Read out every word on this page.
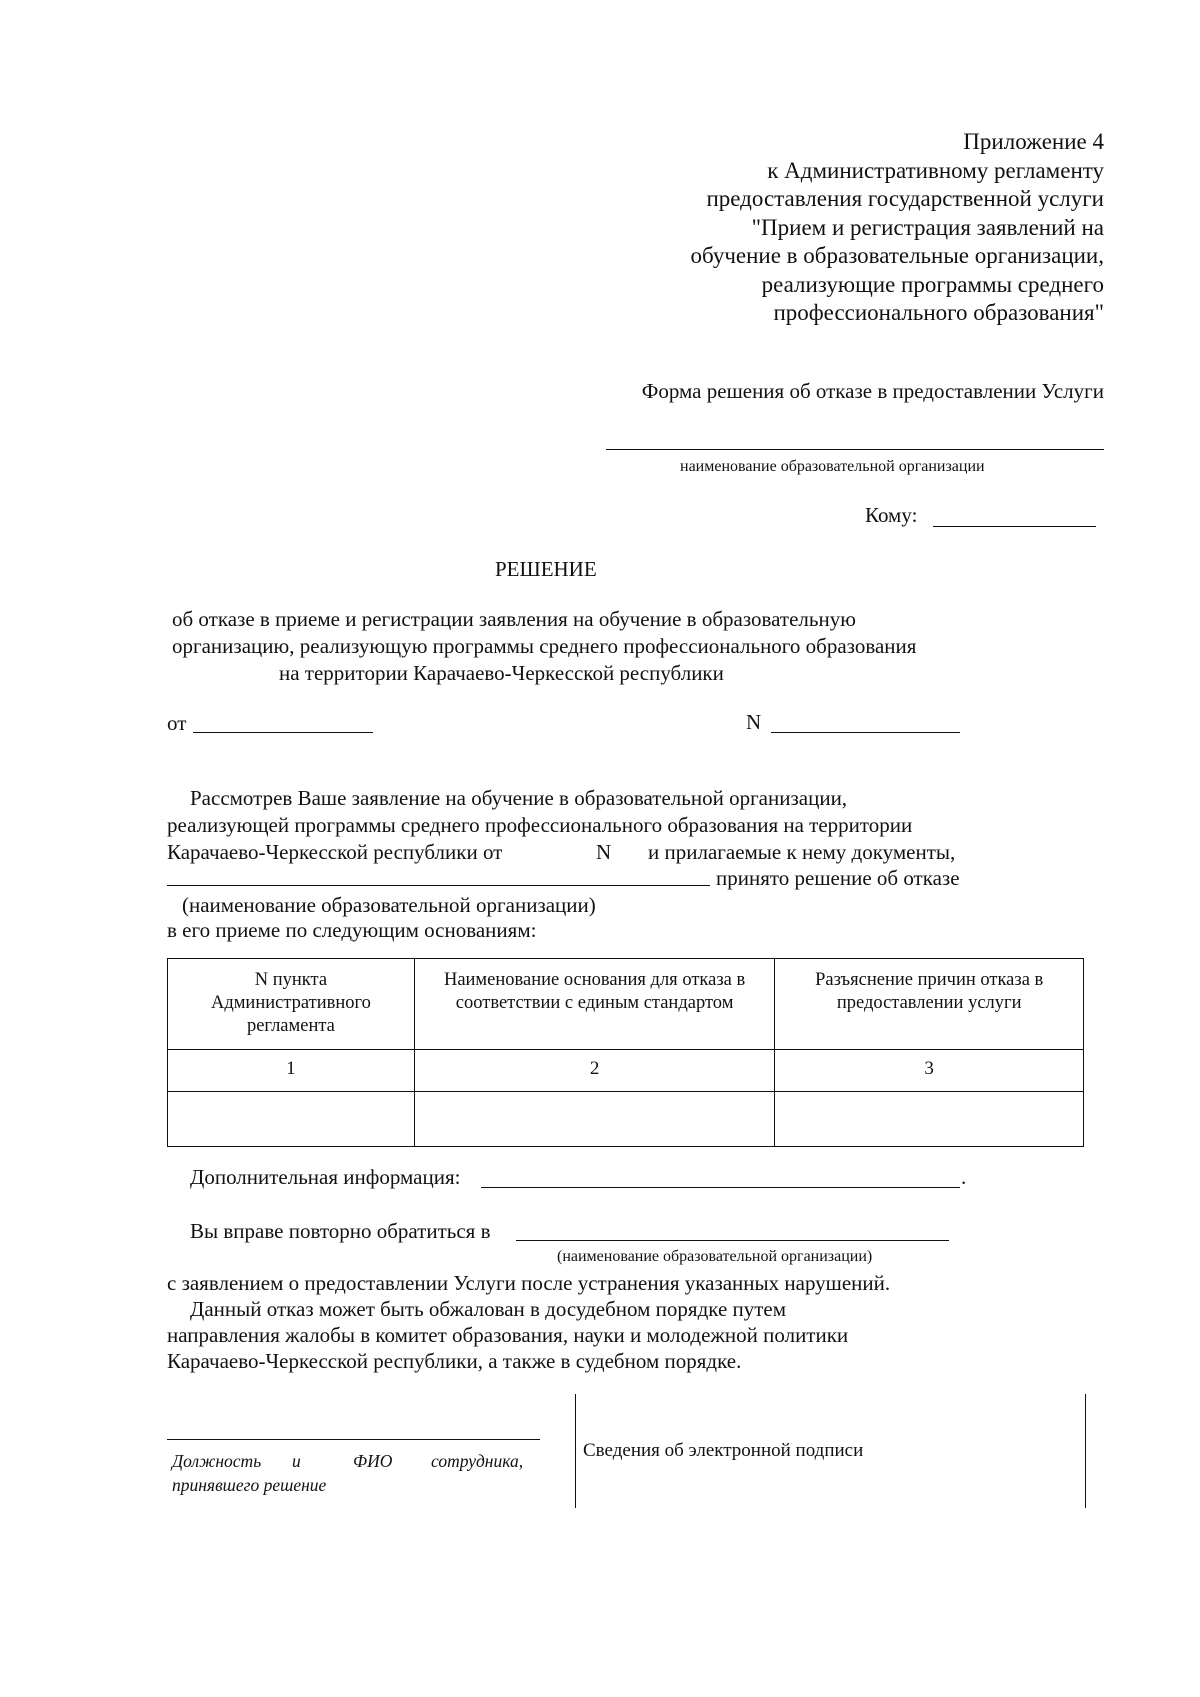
Приложение 4
к Административному регламенту
предоставления государственной услуги
"Прием и регистрация заявлений на
обучение в образовательные организации,
реализующие программы среднего
профессионального образования"
Форма решения об отказе в предоставлении Услуги
наименование образовательной организации
Кому:
РЕШЕНИЕ
об отказе в приеме и регистрации заявления на обучение в образовательную
организацию, реализующую программы среднего профессионального образования
на территории Карачаево-Черкесской республики
от	N
Рассмотрев Ваше заявление на обучение в образовательной организации,
реализующей программы среднего профессионального образования на территории
Карачаево-Черкесской республики от	N и прилагаемые к нему документы,
принято решение об отказе
(наименование образовательной организации)
в его приеме по следующим основаниям:
N пункта Административного регламента	Наименование основания для отказа в соответствии с единым стандартом	Разъяснение причин отказа в предоставлении услуги
1	2	3

Дополнительная информация:	.
Вы вправе повторно обратиться в
(наименование образовательной организации)
с заявлением о предоставлении Услуги после устранения указанных нарушений.
Данный отказ может быть обжалован в досудебном порядке путем
направления жалобы в комитет образования, науки и молодежной политики
Карачаево-Черкесской республики, а также в судебном порядке.
Должность и	ФИО сотрудника,
принявшего решение
Сведения об электронной подписи
